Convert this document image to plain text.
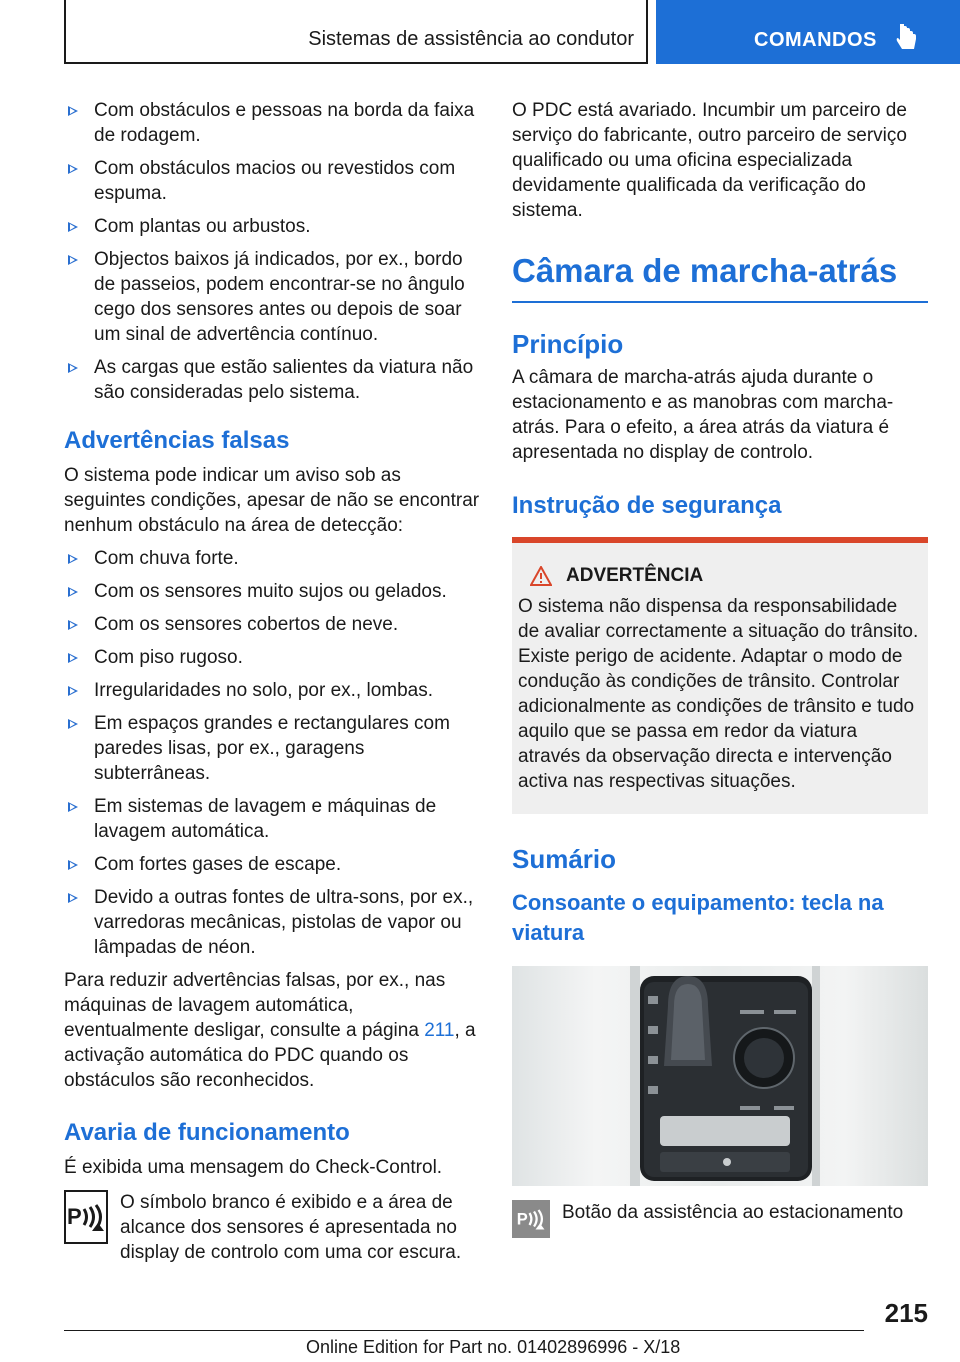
Sistemas de assistência ao condutor	COMANDOS
Com obstáculos e pessoas na borda da faixa de rodagem.
Com obstáculos macios ou revestidos com espuma.
Com plantas ou arbustos.
Objectos baixos já indicados, por ex., bordo de passeios, podem encontrar-se no ângulo cego dos sensores antes ou depois de soar um sinal de advertência contínuo.
As cargas que estão salientes da viatura não são consideradas pelo sistema.
Advertências falsas

O sistema pode indicar um aviso sob as seguintes condições, apesar de não se encontrar nenhum obstáculo na área de detecção:

Com chuva forte.
Com os sensores muito sujos ou gelados.
Com os sensores cobertos de neve.
Com piso rugoso.
Irregularidades no solo, por ex., lombas.
Em espaços grandes e rectangulares com paredes lisas, por ex., garagens subterrâneas.
Em sistemas de lavagem e máquinas de lavagem automática.
Com fortes gases de escape.
Devido a outras fontes de ultra-sons, por ex., varredoras mecânicas, pistolas de vapor ou lâmpadas de néon.

Para reduzir advertências falsas, por ex., nas máquinas de lavagem automática, eventualmente desligar, consulte a página 211, a activação automática do PDC quando os obstáculos são reconhecidos.

Avaria de funcionamento

É exibida uma mensagem do Check-Control.

P

O símbolo branco é exibido e a área de alcance dos sensores é apresentada no display de controlo com uma cor escura.

O PDC está avariado. Incumbir um parceiro de serviço do fabricante, outro parceiro de serviço qualificado ou uma oficina especializada devidamente qualificada da verificação do sistema.

Câmara de marcha-atrás
Princípio

A câmara de marcha-atrás ajuda durante o estacionamento e as manobras com marcha-atrás. Para o efeito, a área atrás da viatura é apresentada no display de controlo.

Instrução de segurança
ADVERTÊNCIA

O sistema não dispensa da responsabilidade de avaliar correctamente a situação do trânsito. Existe perigo de acidente. Adaptar o modo de condução às condições de trânsito. Controlar adicionalmente as condições de trânsito e tudo aquilo que se passa em redor da viatura através da observação directa e intervenção activa nas respectivas situações.

Sumário
Consoante o equipamento: tecla na viatura
P Botão da assistência ao estacionamento

215
Online Edition for Part no. 01402896996 - X/18
